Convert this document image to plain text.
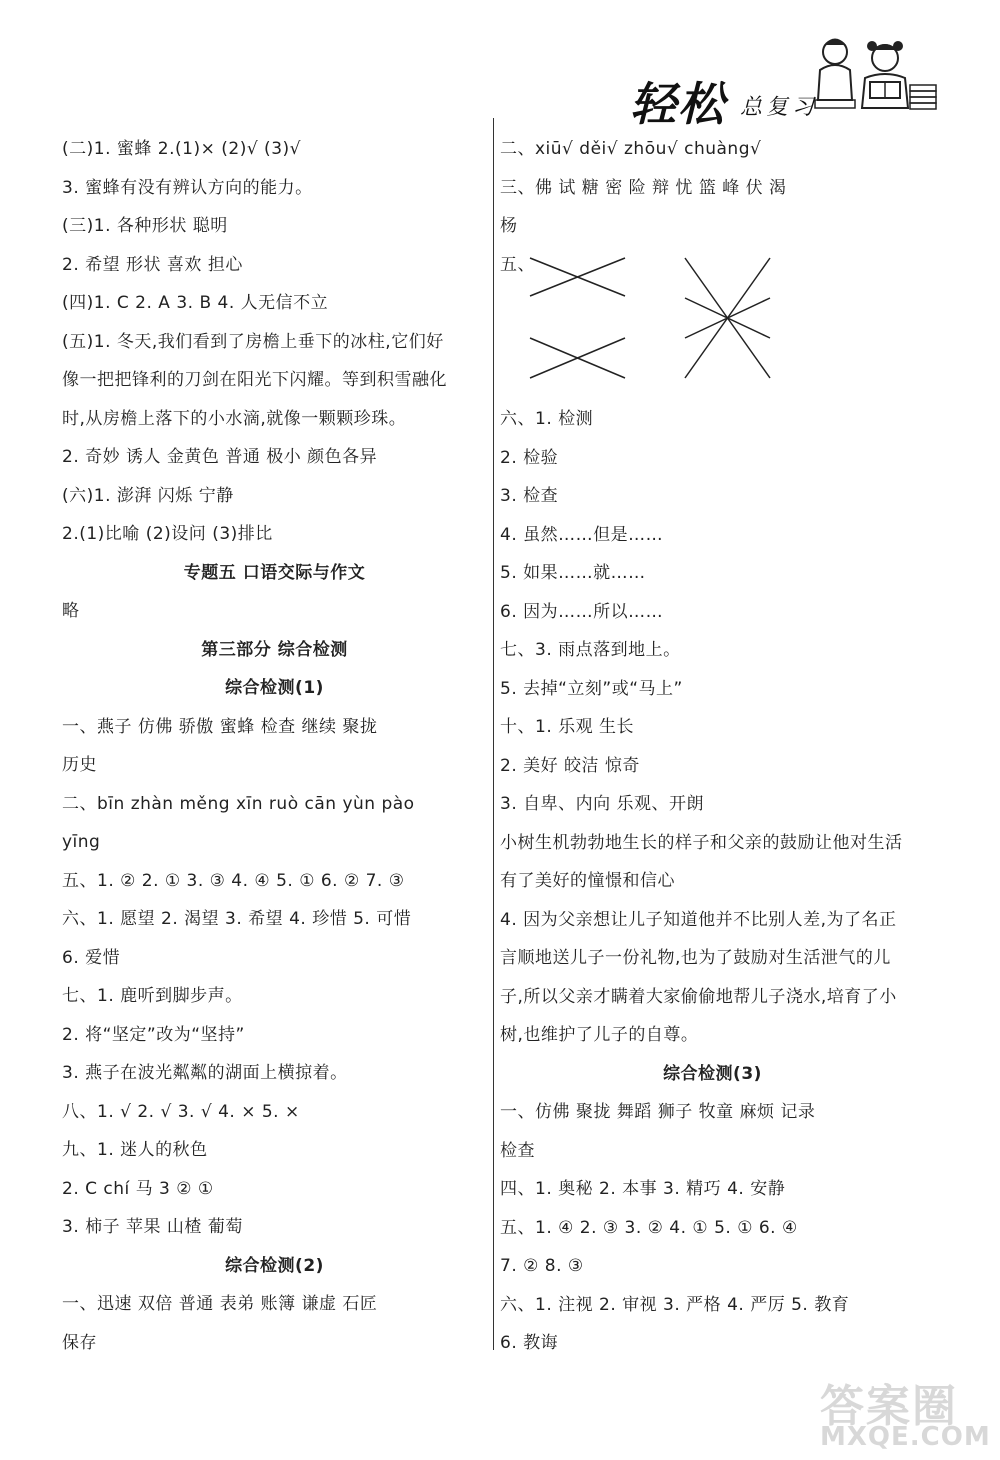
轻松 总复习
(二)1. 蜜蜂 2.(1)× (2)√ (3)√
3. 蜜蜂有没有辨认方向的能力。
(三)1. 各种形状 聪明
2. 希望 形状 喜欢 担心
(四)1. C 2. A 3. B 4. 人无信不立
(五)1. 冬天,我们看到了房檐上垂下的冰柱,它们好
像一把把锋利的刀剑在阳光下闪耀。等到积雪融化
时,从房檐上落下的小水滴,就像一颗颗珍珠。
2. 奇妙 诱人 金黄色 普通 极小 颜色各异
(六)1. 澎湃 闪烁 宁静
2.(1)比喻 (2)设问 (3)排比
专题五 口语交际与作文
略
第三部分 综合检测
综合检测(1)
一、燕子 仿佛 骄傲 蜜蜂 检查 继续 聚拢
历史
二、bīn zhàn měng xīn ruò cān yùn pào
yīng
五、1. ② 2. ① 3. ③ 4. ④ 5. ① 6. ② 7. ③
六、1. 愿望 2. 渴望 3. 希望 4. 珍惜 5. 可惜
6. 爱惜
七、1. 鹿听到脚步声。
2. 将“坚定”改为“坚持”
3. 燕子在波光粼粼的湖面上横掠着。
八、1. √ 2. √ 3. √ 4. × 5. ×
九、1. 迷人的秋色
2. C chí 马 3 ② ①
3. 柿子 苹果 山楂 葡萄
综合检测(2)
一、迅速 双倍 普通 表弟 账簿 谦虚 石匠
保存
二、xiū√ děi√ zhōu√ chuàng√
三、佛 试 糖 密 险 辩 忧 篮 峰 伏 渴
杨
五、
六、1. 检测
2. 检验
3. 检查
4. 虽然……但是……
5. 如果……就……
6. 因为……所以……
七、3. 雨点落到地上。
5. 去掉“立刻”或“马上”
十、1. 乐观 生长
2. 美好 皎洁 惊奇
3. 自卑、内向 乐观、开朗
小树生机勃勃地生长的样子和父亲的鼓励让他对生活
有了美好的憧憬和信心
4. 因为父亲想让儿子知道他并不比别人差,为了名正
言顺地送儿子一份礼物,也为了鼓励对生活泄气的儿
子,所以父亲才瞒着大家偷偷地帮儿子浇水,培育了小
树,也维护了儿子的自尊。
综合检测(3)
一、仿佛 聚拢 舞蹈 狮子 牧童 麻烦 记录
检查
四、1. 奥秘 2. 本事 3. 精巧 4. 安静
五、1. ④ 2. ③ 3. ② 4. ① 5. ① 6. ④
7. ② 8. ③
六、1. 注视 2. 审视 3. 严格 4. 严厉 5. 教育
6. 教诲
答案圈
MXQE.COM
